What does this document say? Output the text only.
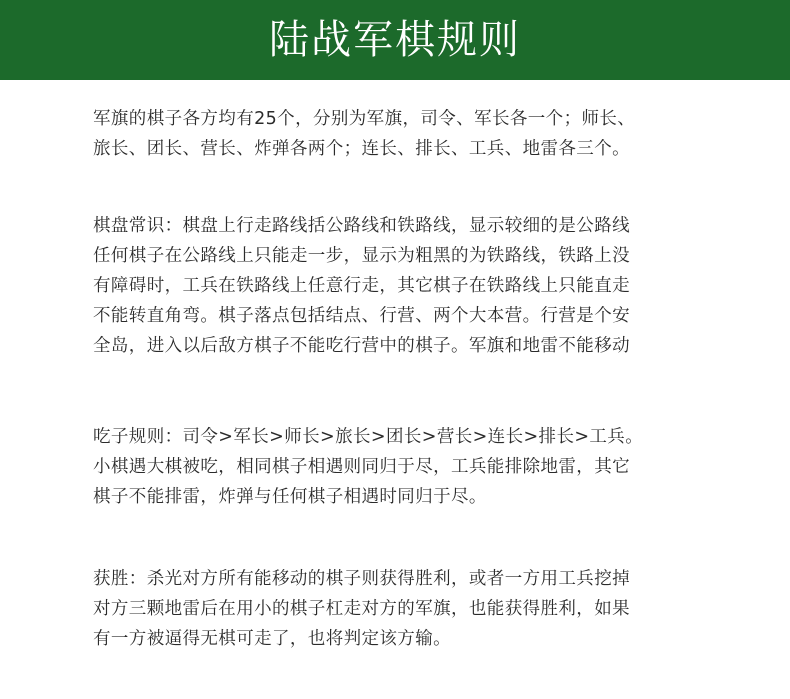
陆战军棋规则
军旗的棋子各方均有25个，分别为军旗，司令、军长各一个；师长、
旅长、团长、营长、炸弹各两个；连长、排长、工兵、地雷各三个。
棋盘常识：棋盘上行走路线括公路线和铁路线，显示较细的是公路线
任何棋子在公路线上只能走一步，显示为粗黑的为铁路线，铁路上没
有障碍时，工兵在铁路线上任意行走，其它棋子在铁路线上只能直走
不能转直角弯。棋子落点包括结点、行营、两个大本营。行营是个安
全岛，进入以后敌方棋子不能吃行营中的棋子。军旗和地雷不能移动
吃子规则：司令>军长>师长>旅长>团长>营长>连长>排长>工兵。
小棋遇大棋被吃，相同棋子相遇则同归于尽，工兵能排除地雷，其它
棋子不能排雷，炸弹与任何棋子相遇时同归于尽。
获胜：杀光对方所有能移动的棋子则获得胜利，或者一方用工兵挖掉
对方三颗地雷后在用小的棋子杠走对方的军旗，也能获得胜利，如果
有一方被逼得无棋可走了，也将判定该方输。
